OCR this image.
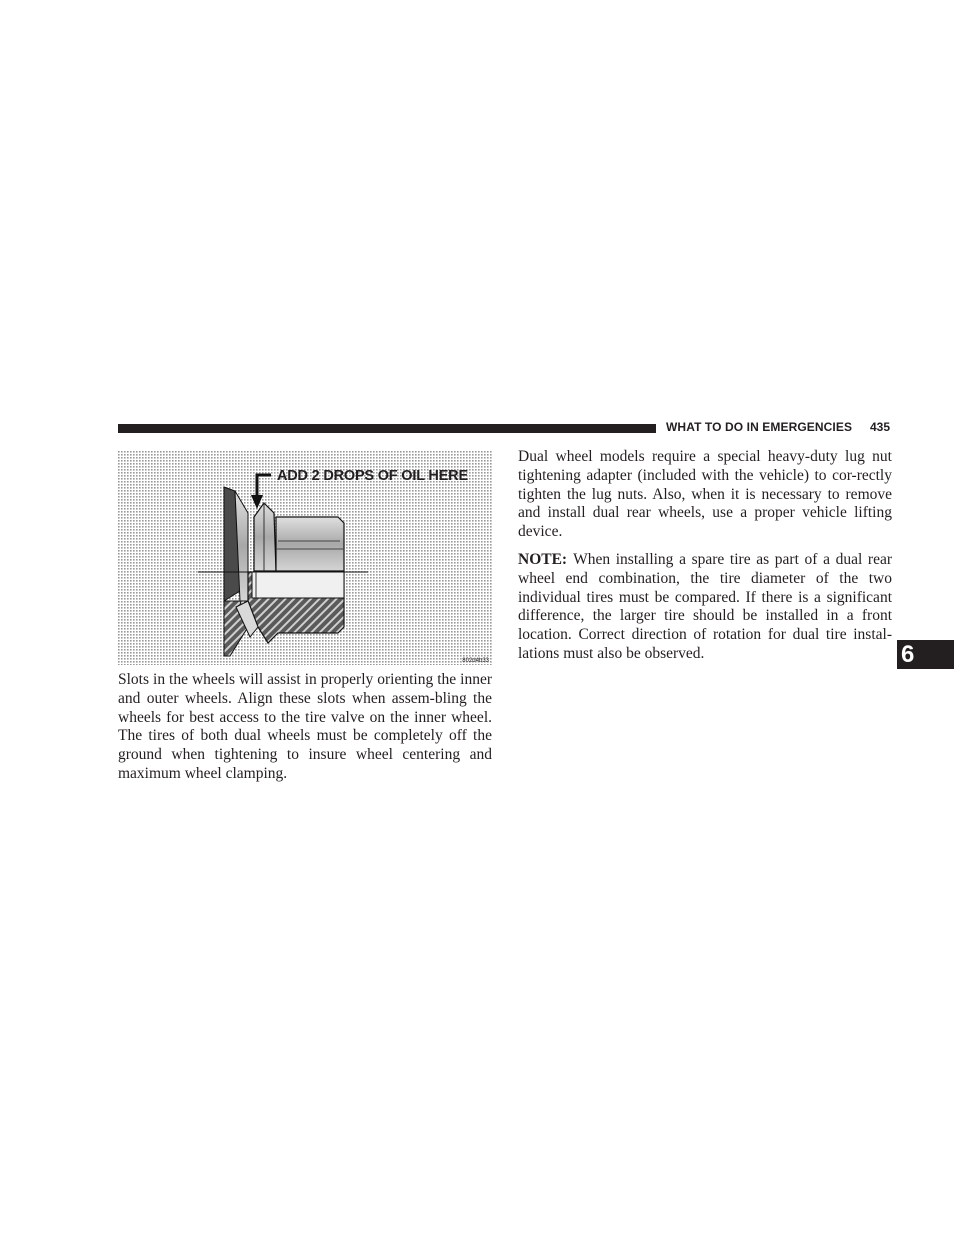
WHAT TO DO IN EMERGENCIES 435
ADD 2 DROPS OF OIL HERE
802d4b33

Slots in the wheels will assist in properly orienting the inner and outer wheels. Align these slots when assem-bling the wheels for best access to the tire valve on the inner wheel. The tires of both dual wheels must be completely off the ground when tightening to insure wheel centering and maximum wheel clamping.

Dual wheel models require a special heavy-duty lug nut tightening adapter (included with the vehicle) to cor-rectly tighten the lug nuts. Also, when it is necessary to remove and install dual rear wheels, use a proper vehicle lifting device.

NOTE: When installing a spare tire as part of a dual rear wheel end combination, the tire diameter of the two individual tires must be compared. If there is a significant difference, the larger tire should be installed in a front location. Correct direction of rotation for dual tire instal-lations must also be observed.	6
